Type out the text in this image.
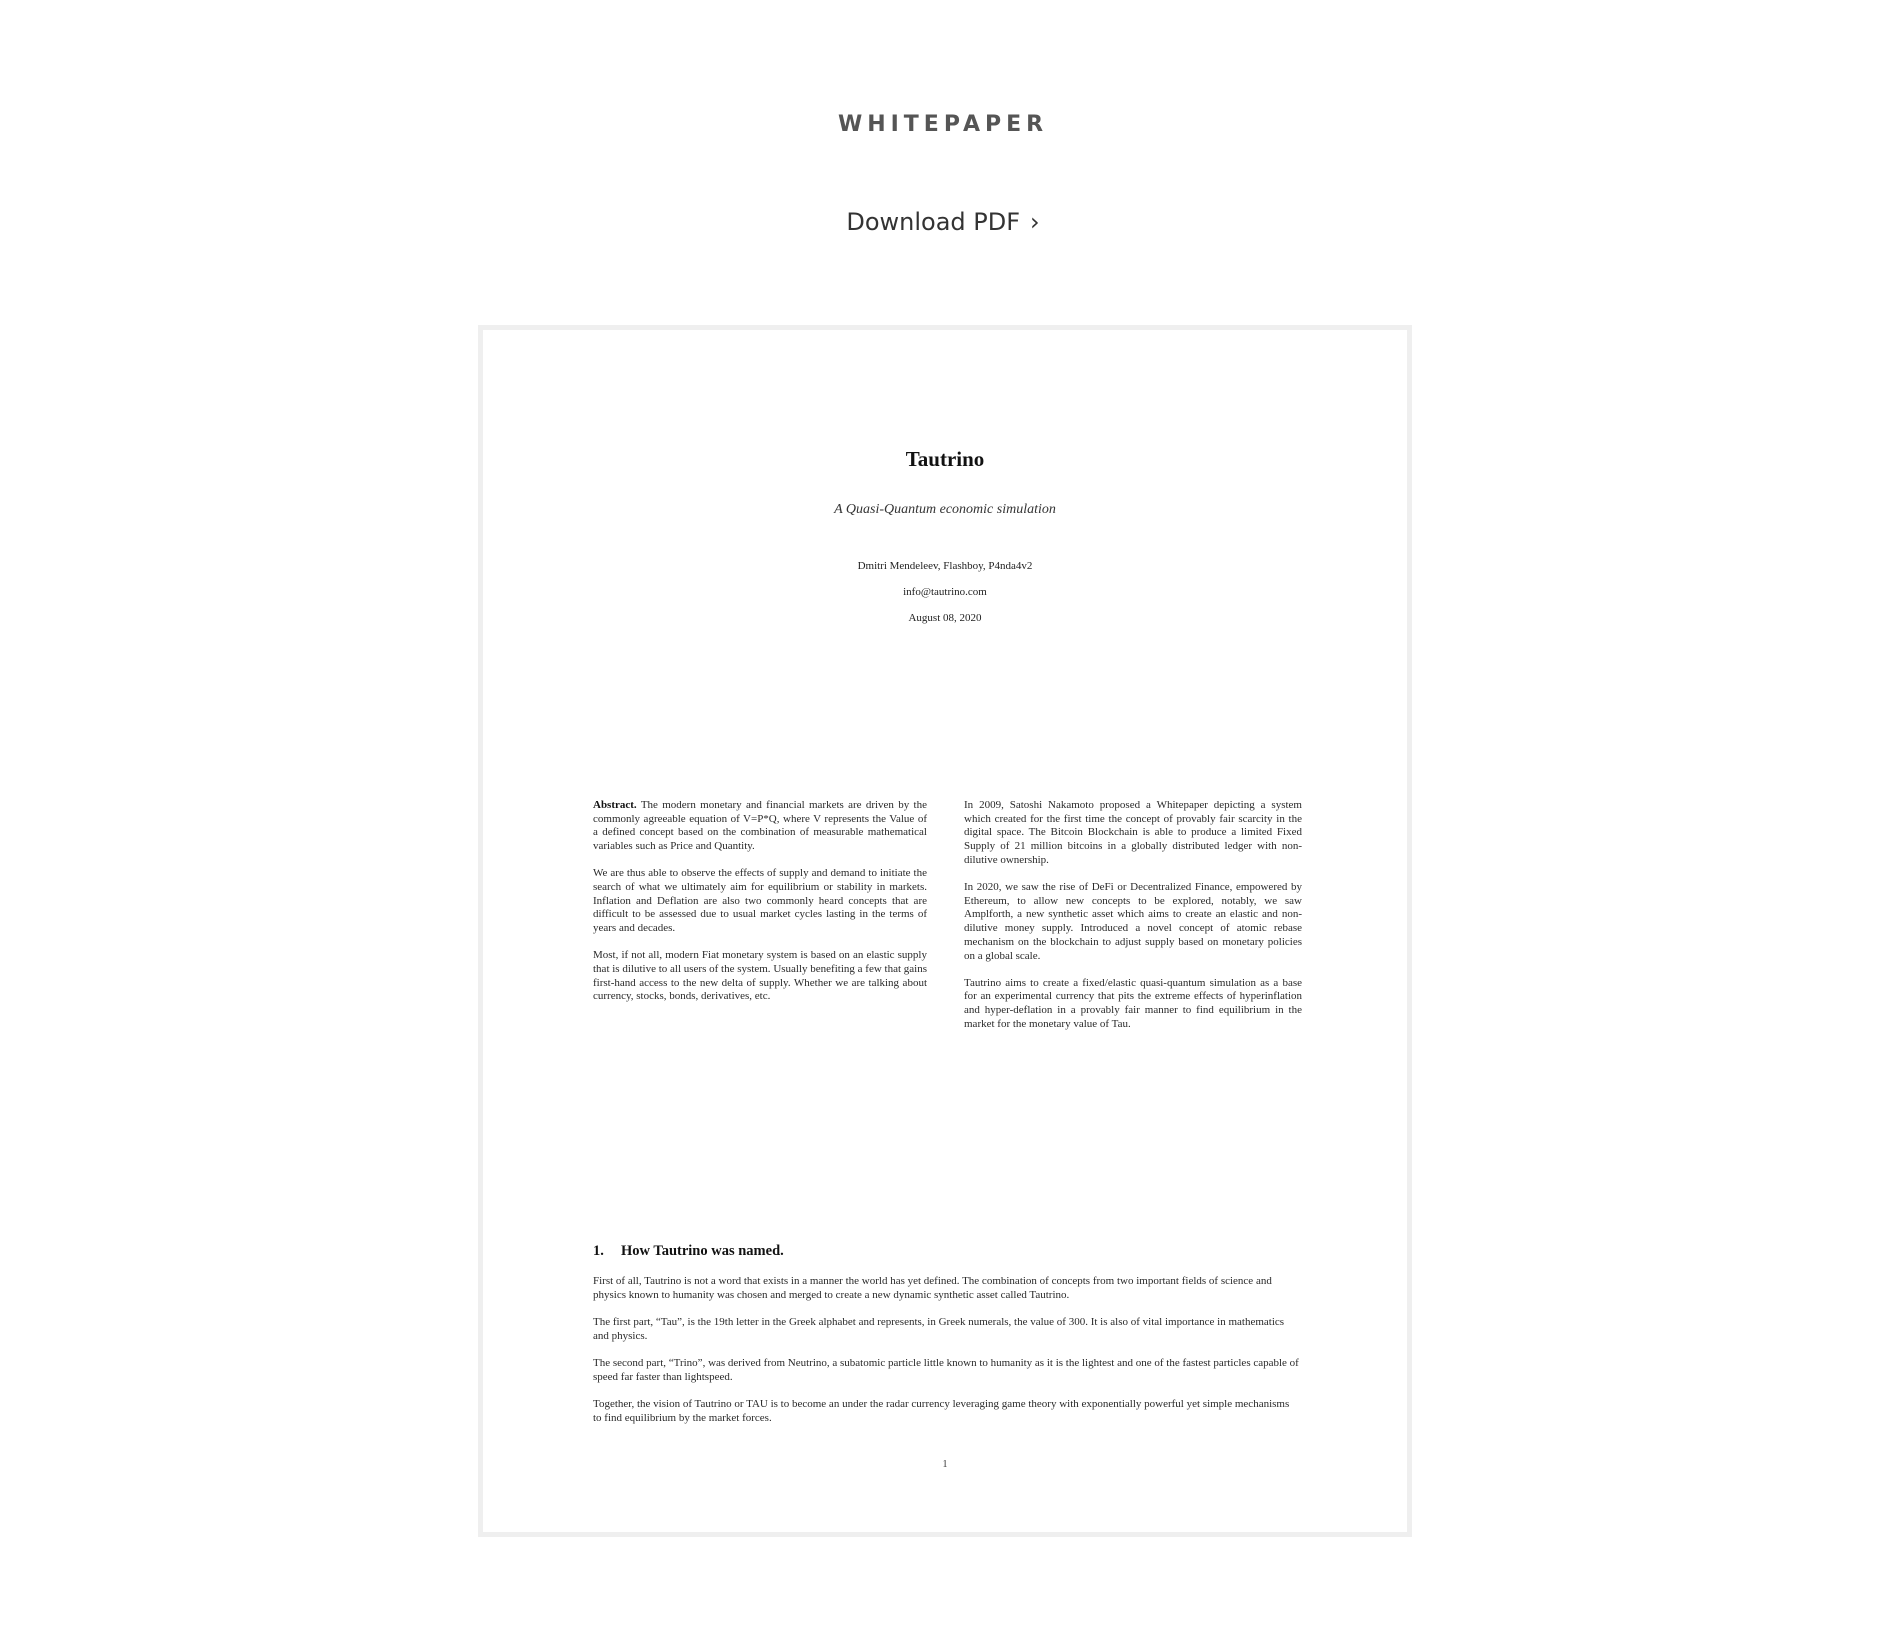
WHITEPAPER
Download PDF ›
Tautrino
A Quasi-Quantum economic simulation
Dmitri Mendeleev, Flashboy, P4nda4v2
info@tautrino.com
August 08, 2020

Abstract. The modern monetary and financial markets are driven by the commonly agreeable equation of V=P*Q, where V represents the Value of a defined concept based on the combination of measurable mathematical variables such as Price and Quantity.

We are thus able to observe the effects of supply and demand to initiate the search of what we ultimately aim for equilibrium or stability in markets. Inflation and Deflation are also two commonly heard concepts that are difficult to be assessed due to usual market cycles lasting in the terms of years and decades.

Most, if not all, modern Fiat monetary system is based on an elastic supply that is dilutive to all users of the system. Usually benefiting a few that gains first-hand access to the new delta of supply. Whether we are talking about currency, stocks, bonds, derivatives, etc.

In 2009, Satoshi Nakamoto proposed a Whitepaper depicting a system which created for the first time the concept of provably fair scarcity in the digital space. The Bitcoin Blockchain is able to produce a limited Fixed Supply of 21 million bitcoins in a globally distributed ledger with non-dilutive ownership.

In 2020, we saw the rise of DeFi or Decentralized Finance, empowered by Ethereum, to allow new concepts to be explored, notably, we saw Amplforth, a new synthetic asset which aims to create an elastic and non-dilutive money supply. Introduced a novel concept of atomic rebase mechanism on the blockchain to adjust supply based on monetary policies on a global scale.

Tautrino aims to create a fixed/elastic quasi-quantum simulation as a base for an experimental currency that pits the extreme effects of hyperinflation and hyper-deflation in a provably fair manner to find equilibrium in the market for the monetary value of Tau.

1. How Tautrino was named.

First of all, Tautrino is not a word that exists in a manner the world has yet defined. The combination of concepts from two important fields of science and physics known to humanity was chosen and merged to create a new dynamic synthetic asset called Tautrino.

The first part, “Tau”, is the 19th letter in the Greek alphabet and represents, in Greek numerals, the value of 300. It is also of vital importance in mathematics and physics.

The second part, “Trino”, was derived from Neutrino, a subatomic particle little known to humanity as it is the lightest and one of the fastest particles capable of speed far faster than lightspeed.

Together, the vision of Tautrino or TAU is to become an under the radar currency leveraging game theory with exponentially powerful yet simple mechanisms to find equilibrium by the market forces.

1
